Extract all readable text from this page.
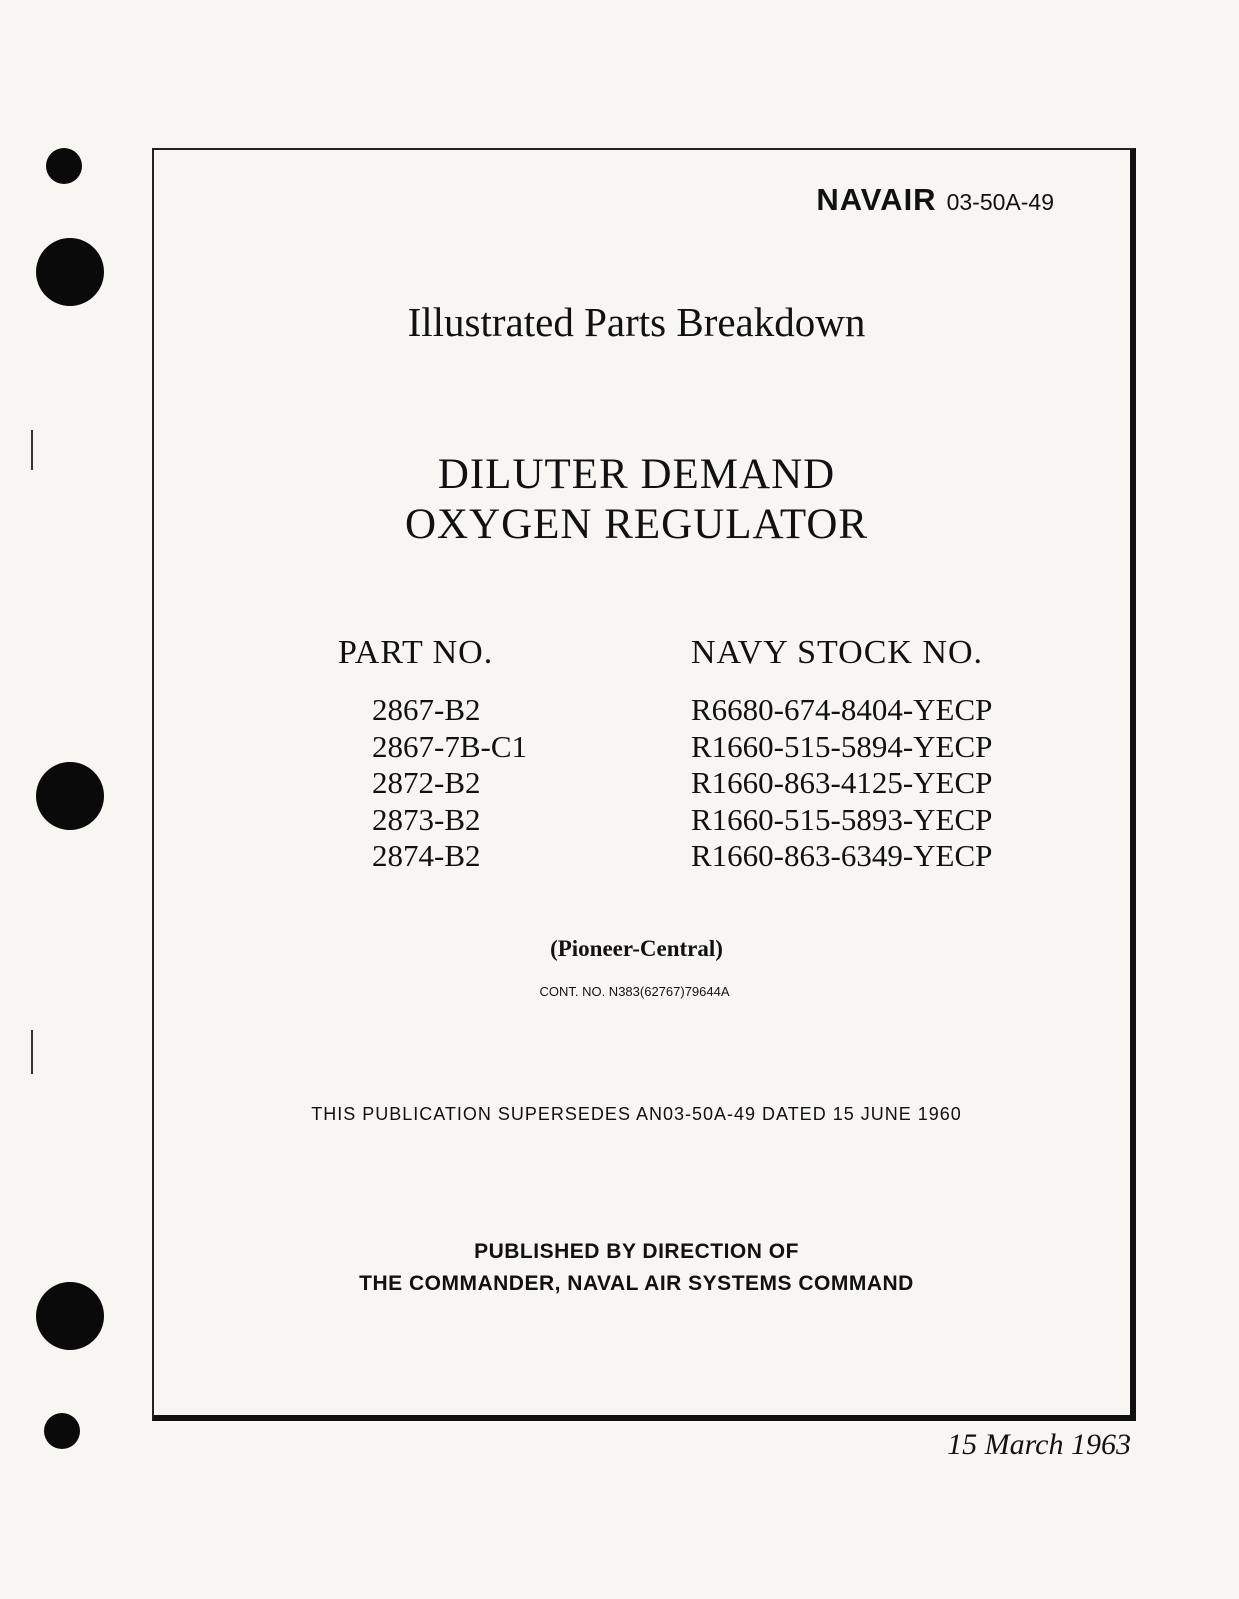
NAVAIR 03-50A-49
Illustrated Parts Breakdown
DILUTER DEMAND
OXYGEN REGULATOR
PART NO.	NAVY STOCK NO.
2867-B2
2867-7B-C1
2872-B2
2873-B2
2874-B2
R6680-674-8404-YECP
R1660-515-5894-YECP
R1660-863-4125-YECP
R1660-515-5893-YECP
R1660-863-6349-YECP
(Pioneer-Central)
CONT. NO. N383(62767)79644A
THIS PUBLICATION SUPERSEDES AN03-50A-49 DATED 15 JUNE 1960
PUBLISHED BY DIRECTION OF
THE COMMANDER, NAVAL AIR SYSTEMS COMMAND
15 March 1963
